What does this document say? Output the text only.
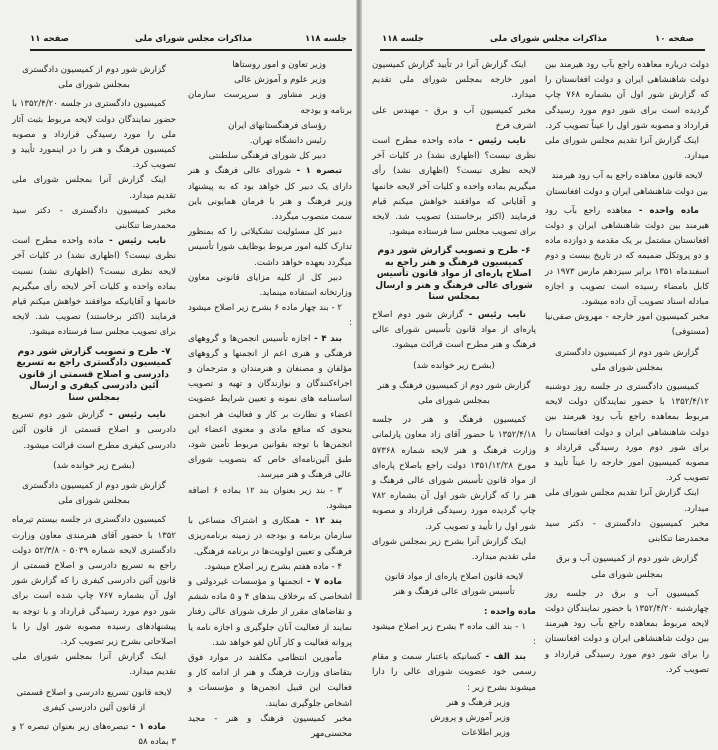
صفحه ۱۱	مذاکرات مجلس شورای ملی	جلسه ۱۱۸	جلسه ۱۱۸	مذاکرات مجلس شورای ملی	صفحه ۱۰

گزارش شور دوم از کمیسیون دادگستری بمجلس شورای ملی

کمیسیون دادگستری در جلسه ۱۳۵۲/۴/۲۰ با حضور نمایندگان دولت لایحه مربوط بثبت آثار ملی را مورد رسیدگی قرارداد و مصوبه کمیسیون فرهنگ و هنر را در اینمورد تأیید و تصویب کرد.

اینک گزارش آنرا بمجلس شورای ملی تقدیم میدارد.

مخبر کمیسیون دادگستری - دکتر سید محمدرضا تنکابنی

نایب رئیس - ماده واحده مطرح است نظری نیست؟ (اظهاری نشد) در کلیات آخر لایحه نظری نیست؟ (اظهاری نشد) نسبت بماده واحده و کلیات آخر لایحه رأی میگیریم خانمها و آقایانیکه موافقند خواهش میکنم قیام فرمایند (اکثر برخاستند) تصویب شد. لایحه برای تصویب مجلس سنا فرستاده میشود.

۷- طرح و تصویب گزارش شور دوم کمیسیون دادگستری راجع به تسریع دادرسی و اصلاح قسمتی از قانون آئین دادرسی کیفری و ارسال بمجلس سنا

نایب رئیس - گزارش شور دوم تسریع دادرسی و اصلاح قسمتی از قانون آئین دادرسی کیفری مطرح است قرائت میشود.

(بشرح زیر خوانده شد)

گزارش شور دوم از کمیسیون دادگستری بمجلس شورای ملی

کمیسیون دادگستری در جلسه بیستم تیرماه ۱۳۵۲ با حضور آقای هنرمندی معاون وزارت دادگستری لایحه شماره ۵۰۳۹ - ۵۲/۳/۸ دولت راجع به تسریع دادرسی و اصلاح قسمتی از قانون آئین دادرسی کیفری را که گزارش شور اول آن بشماره ۷۶۷ چاپ شده است برای شور دوم مورد رسیدگی قرارداد و با توجه به پیشنهادهای رسیده مصوبه شور اول را با اصلاحاتی بشرح زیر تصویب کرد.

اینک گزارش آنرا بمجلس شورای ملی تقدیم میدارد.

لایحه قانون تسریع دادرسی و اصلاح قسمتی از قانون آئین دادرسی کیفری

ماده ۱ - تبصره‌های زیر بعنوان تبصره ۲ و ۳ بماده ۵۸

وزیر تعاون و امور روستاها

وزیر علوم و آموزش عالی

وزیر مشاور و سرپرست سازمان برنامه و بودجه

رؤسای فرهنگستانهای ایران

رئیس دانشگاه تهران.

دبیر کل شورای فرهنگی سلطنتی

تبصره ۱ - شورای عالی فرهنگ و هنر دارای یک دبیر کل خواهد بود که به پیشنهاد وزیر فرهنگ و هنر با فرمان همایونی باین سمت منصوب میگردد.

دبیر کل مسئولیت تشکیلاتی را که بمنظور تدارک کلیه امور مربوط بوظایف شورا تأسیس میگردد بعهده خواهد داشت.

دبیر کل از کلیه مزایای قانونی معاون وزارتخانه استفاده مینماید.

۲ - بند چهار ماده ۶ بشرح زیر اصلاح میشود :

بند ۴ - اجازه تأسیس انجمن‌ها و گروههای فرهنگی و هنری اعم از انجمنها و گروههای مؤلفان و مصنفان و هنرمندان و مترجمان و اجراءکنندگان و نوازندگان و تهیه و تصویب اساسنامه های نمونه و تعیین شرایط عضویت اعضاء و نظارت بر کار و فعالیت هر انجمن بنحوی که منافع مادی و معنوی اعضاء این انجمن‌ها با توجه بقوانین مربوط تأمین شود، طبق آئین‌نامه‌ای خاص که بتصویب شورای عالی فرهنگ و هنر میرسد.

۳ - بند زیر بعنوان بند ۱۲ بماده ۶ اضافه میشود.

بند ۱۲ - همکاری و اشتراک مساعی با سازمان برنامه و بودجه در زمینه برنامه‌ریزی فرهنگی و تعیین اولویت‌ها در برنامه فرهنگی.

۴ - ماده هفتم بشرح زیر اصلاح میشود.

ماده ۷ - انجمنها و مؤسسات غیردولتی و اشخاصی که برخلاف بندهای ۴ و ۵ ماده ششم و تقاضاهای مقرر از طرف شورای عالی رفتار نمایند از فعالیت آنان جلوگیری و اجازه نامه یا پروانه فعالیت و کار آنان لغو خواهد شد.

مأمورین انتظامی مکلفند در موارد فوق بتقاضای وزارت فرهنگ و هنر از ادامه کار و فعالیت این قبیل انجمن‌ها و مؤسسات و اشخاص جلوگیری نمایند.

مخبر کمیسیون فرهنگ و هنر - مجید محسنی‌مهر

اینک گزارش آنرا در تأیید گزارش کمیسیون امور خارجه بمجلس شورای ملی تقدیم میدارد.

مخبر کمیسیون آب و برق - مهندس علی اشرف فرخ

نایب رئیس - ماده واحده مطرح است نظری نیست؟ (اظهاری نشد) در کلیات آخر لایحه نظری نیست؟ (اظهاری نشد) رأی میگیریم بماده واحده و کلیات آخر لایحه خانمها و آقایانی که موافقند خواهش میکنم قیام فرمایند (اکثر برخاستند) تصویب شد. لایحه برای تصویب مجلس سنا فرستاده میشود.

۶- طرح و تصویب گزارش شور دوم کمیسیون فرهنگ و هنر راجع به اصلاح پاره‌ای از مواد قانون تأسیس شورای عالی فرهنگ و هنر و ارسال بمجلس سنا

نایب رئیس - گزارش شور دوم اصلاح پاره‌ای از مواد قانون تأسیس شورای عالی فرهنگ و هنر مطرح است قرائت میشود.

(بشرح زیر خوانده شد)

گزارش شور دوم از کمیسیون فرهنگ و هنر بمجلس شورای ملی

کمیسیون فرهنگ و هنر در جلسه ۱۳۵۲/۴/۱۸ با حضور آقای زاد معاون پارلمانی وزارت فرهنگ و هنر لایحه شماره ۵۷۳۶۸ مورخ ۱۳۵۱/۱۲/۲۸ دولت راجع باصلاح پاره‌ای از مواد قانون تأسیس شورای عالی فرهنگ و هنر را که گزارش شور اول آن بشماره ۷۸۲ چاپ گردیده مورد رسیدگی قرارداد و مصوبه شور اول را تأیید و تصویب کرد.

اینک گزارش آنرا بشرح زیر بمجلس شورای ملی تقدیم میدارد.

لایحه قانون اصلاح پاره‌ای از مواد قانون تأسیس شورای عالی فرهنگ و هنر

ماده واحده :

۱ - بند الف ماده ۳ بشرح زیر اصلاح میشود :

بند الف - کسانیکه باعتبار سمت و مقام رسمی خود عضویت شورای عالی را دارا میشوند بشرح زیر :

وزیر فرهنگ و هنر

وزیر آموزش و پرورش

وزیر اطلاعات

دولت درباره معاهده راجع بآب رود هیرمند بین دولت شاهنشاهی ایران و دولت افغانستان را که گزارش شور اول آن بشماره ۷۶۸ چاپ گردیده است برای شور دوم مورد رسیدگی قرارداد و مصوبه شور اول را عیناً تصویب کرد.

اینک گزارش آنرا تقدیم مجلس شورای ملی میدارد.

لایحه قانون معاهده راجع به آب رود هیرمند بین دولت شاهنشاهی ایران و دولت افغانستان

ماده واحده - معاهده راجع بآب رود هیرمند بین دولت شاهنشاهی ایران و دولت افغانستان مشتمل بر یک مقدمه و دوازده ماده و دو پروتکل ضمیمه که در تاریخ بیست و دوم اسفندماه ۱۳۵۱ برابر سیزدهم مارس ۱۹۷۳ در کابل بامضاء رسیده است تصویب و اجازه مبادله اسناد تصویب آن داده میشود.

مخبر کمیسیون امور خارجه - مهروش صفی‌نیا (مستوفی)

گزارش شور دوم از کمیسیون دادگستری بمجلس شورای ملی

کمیسیون دادگستری در جلسه روز دوشنبه ۱۳۵۲/۴/۱۲ با حضور نمایندگان دولت لایحه مربوط بمعاهده راجع بآب رود هیرمند بین دولت شاهنشاهی ایران و دولت افغانستان را برای شور دوم مورد رسیدگی قرارداد و مصوبه کمیسیون امور خارجه را عیناً تأیید و تصویب کرد.

اینک گزارش آنرا تقدیم مجلس شورای ملی میدارد.

مخبر کمیسیون دادگستری - دکتر سید محمدرضا تنکابنی

گزارش شور دوم از کمیسیون آب و برق بمجلس شورای ملی

کمیسیون آب و برق در جلسه روز چهارشنبه ۱۳۵۲/۴/۲۰ با حضور نمایندگان دولت لایحه مربوط بمعاهده راجع بآب رود هیرمند بین دولت شاهنشاهی ایران و دولت افغانستان را برای شور دوم مورد رسیدگی قرارداد و تصویب کرد.
